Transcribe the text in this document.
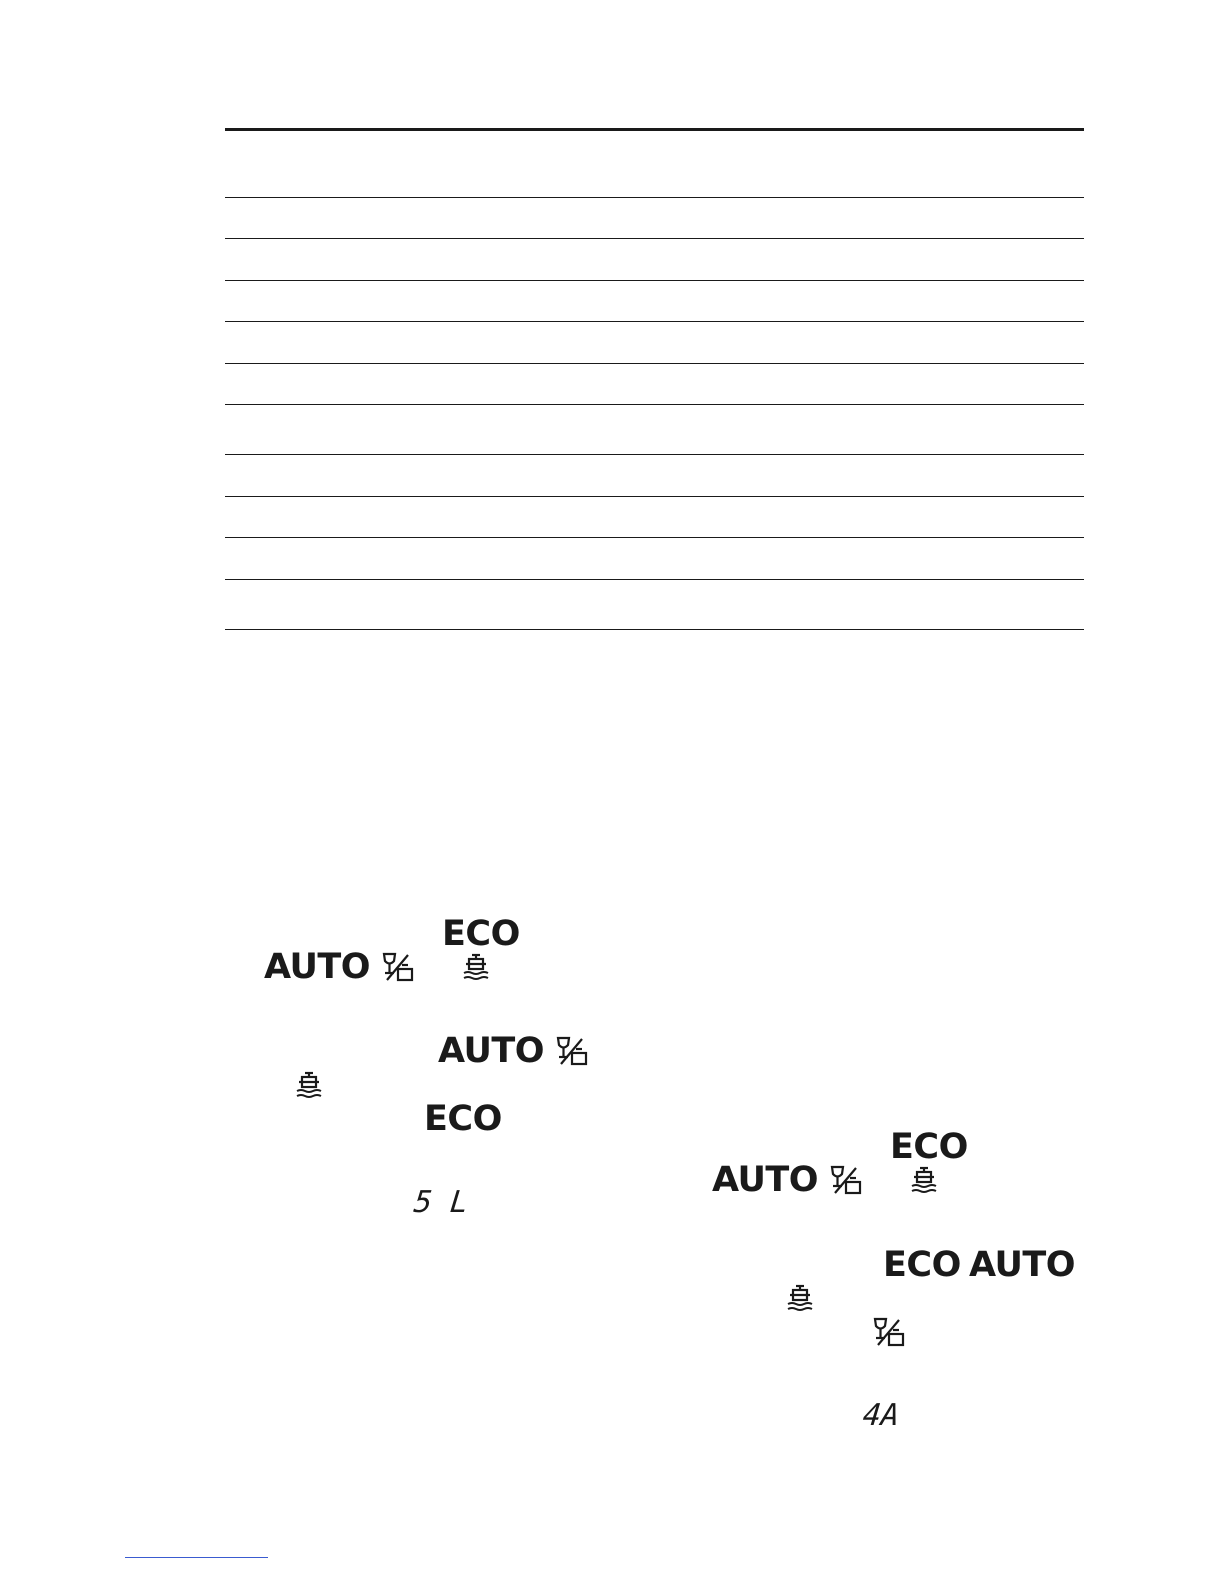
ECO
AUTO
AUTO
ECO
5 L
ECO
AUTO
ECO AUTO
4A
